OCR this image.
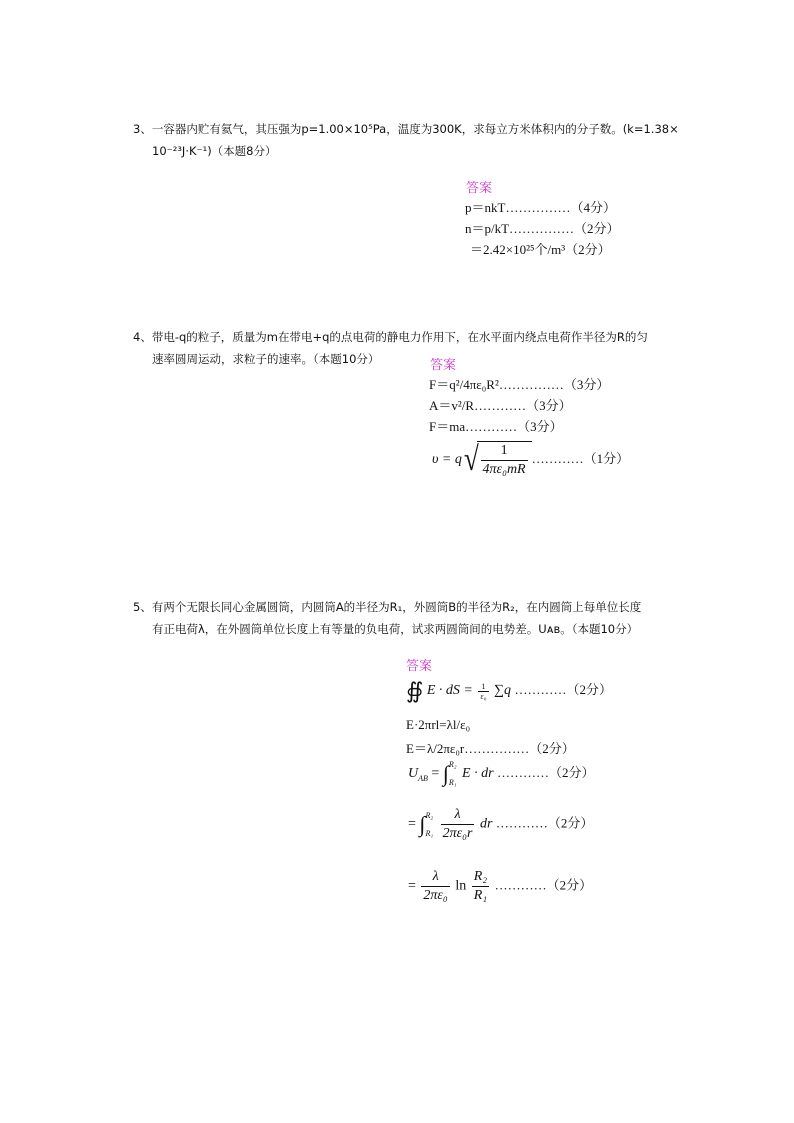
3、一容器内贮有氦气，其压强为p=1.00×10⁵Pa，温度为300K，求每立方米体积内的分子数。(k=1.38×
10⁻²³J·K⁻¹)（本题8分）
答案
p＝nkT……………（4分）
n＝p/kT……………（2分）
＝2.42×10²⁵个/m³（2分）
4、带电-q的粒子，质量为m在带电+q的点电荷的静电力作用下，在水平面内绕点电荷作半径为R的匀
速率圆周运动，求粒子的速率。（本题10分）	答案
F＝q²/4πε₀R²……………（3分）
A＝v²/R…………（3分）
F＝ma…………（3分）
$\upsilon = q√ \frac{1}{\text{4πε₀mR}}$ …………（1分）
5、有两个无限长同心金属圆筒，内圆筒A的半径为R₁，外圆筒B的半径为R₂，在内圆筒上每单位长度
有正电荷λ，在外圆筒单位长度上有等量的负电荷，试求两圆筒间的电势差。Uᴀʙ。（本题10分）
答案
∯ E · dS = $\frac{1}{\text{ε₀}} \sum q$ …………（2分）
E·2πrl=λl/ε₀
E＝λ/2πε₀r……………（2分）
$U_{AB}$ = ∫ R₂
R₁
E · dr …………（2分）
= ∫ R₂
R₁
$\frac{\lambda}{\text{2πε₀r}}$ dr …………（2分）
= $\frac{\lambda}{\text{2πε₀}}$ $\ln \frac{\text{R₂}}{\text{R₁}}$ …………（2分）
